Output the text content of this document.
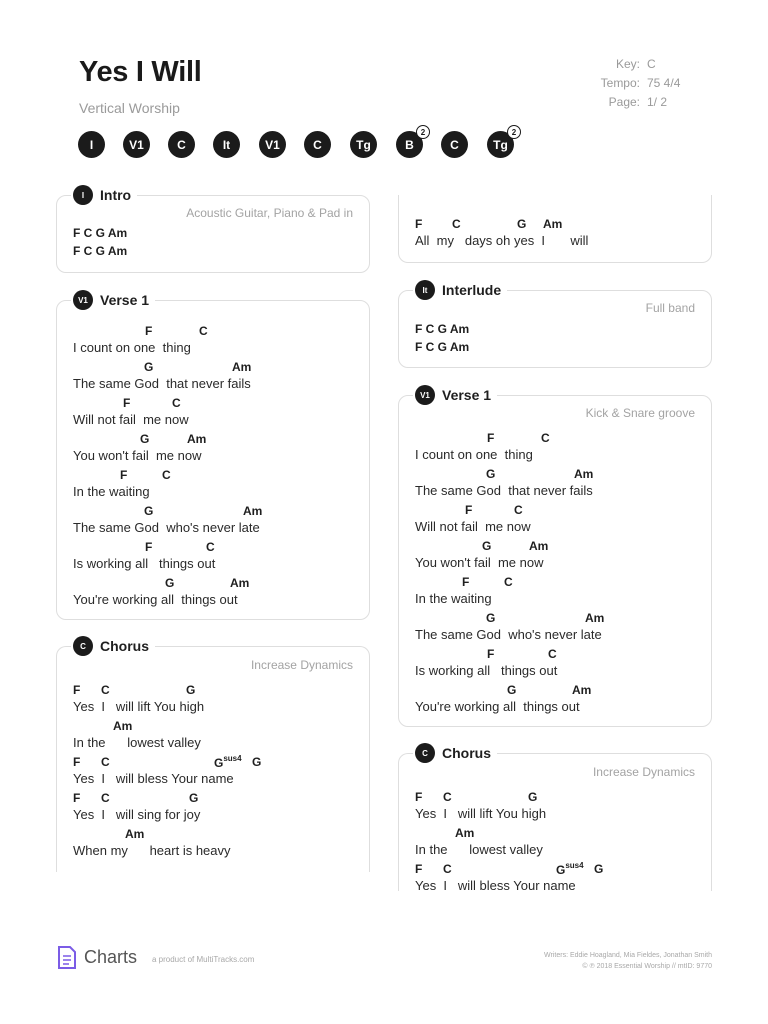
Yes I Will
Vertical Worship
Key: C
Tempo: 75 4/4
Page: 1/ 2
I	V1	C	It	V1	C	Tg	B
2
C	Tg
2
I	Intro
Acoustic Guitar, Piano & Pad in
F C G Am
F C G Am
V1 Verse 1
F	C
I count on one  thing
G	Am
The same God  that never fails
F	C
Will not fail  me now
G	Am
You won't fail  me now
F	C
In the waiting
G	Am
The same God  who's never late
F	C
Is working all   things out
G	Am
You're working all  things out
C	Chorus
Increase Dynamics
F C	G
Yes  I   will lift You high
Am
In the      lowest valley
F C	$G^{sus4}$ G
Yes  I   will bless Your name
F C	G
Yes  I   will sing for joy
Am
When my      heart is heavy
F C	G Am
All  my   days oh yes  I       will
It	Interlude
Full band
F C G Am
F C G Am
V1 Verse 1
Kick & Snare groove
F	C
I count on one  thing
G	Am
The same God  that never fails
F	C
Will not fail  me now
G	Am
You won't fail  me now
F	C
In the waiting
G	Am
The same God  who's never late
F	C
Is working all   things out
G	Am
You're working all  things out
C	Chorus
Increase Dynamics
F C	G
Yes  I   will lift You high
Am
In the      lowest valley
F C	$G^{sus4}$ G
Yes  I   will bless Your name
Charts a product of MultiTracks.com	Writers: Eddie Hoagland, Mia Fieldes, Jonathan Smith
© ℗ 2018 Essential Worship // mtID: 9770
